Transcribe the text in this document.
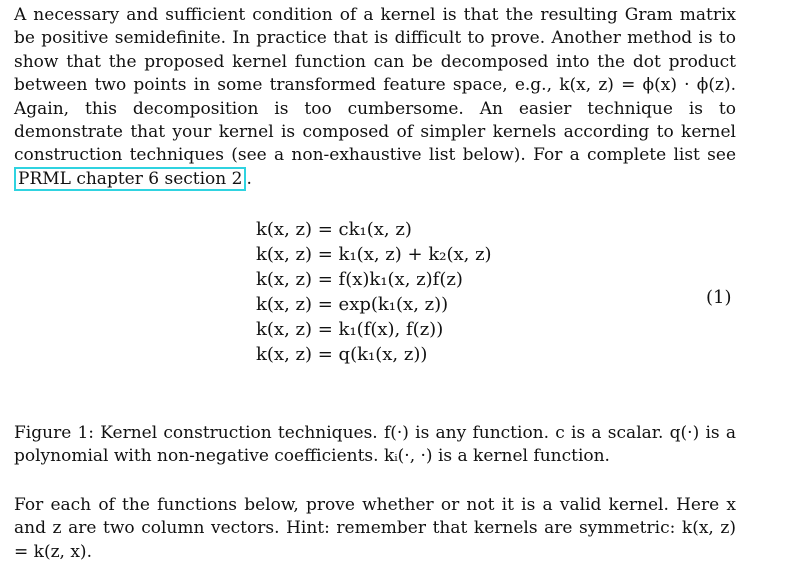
A necessary and sufficient condition of a kernel is that the resulting Gram matrix be positive semidefinite. In practice that is difficult to prove. Another method is to show that the proposed kernel function can be decomposed into the dot product between two points in some transformed feature space, e.g., k(x, z) = ϕ(x) · ϕ(z). Again, this decomposition is too cumbersome. An easier technique is to demonstrate that your kernel is composed of simpler kernels according to kernel construction techniques (see a non-exhaustive list below). For a complete list see PRML chapter 6 section 2 .
k(x, z) = ck₁(x, z)
k(x, z) = k₁(x, z) + k₂(x, z)
k(x, z) = f(x)k₁(x, z)f(z)
k(x, z) = exp(k₁(x, z))
k(x, z) = k₁(f(x), f(z))
k(x, z) = q(k₁(x, z))
(1)
Figure 1: Kernel construction techniques. f(·) is any function. c is a scalar. q(·) is a polynomial with non-negative coefficients. kᵢ(·, ·) is a kernel function.
For each of the functions below, prove whether or not it is a valid kernel. Here x and z are two column vectors. Hint: remember that kernels are symmetric: k(x, z) = k(z, x).
